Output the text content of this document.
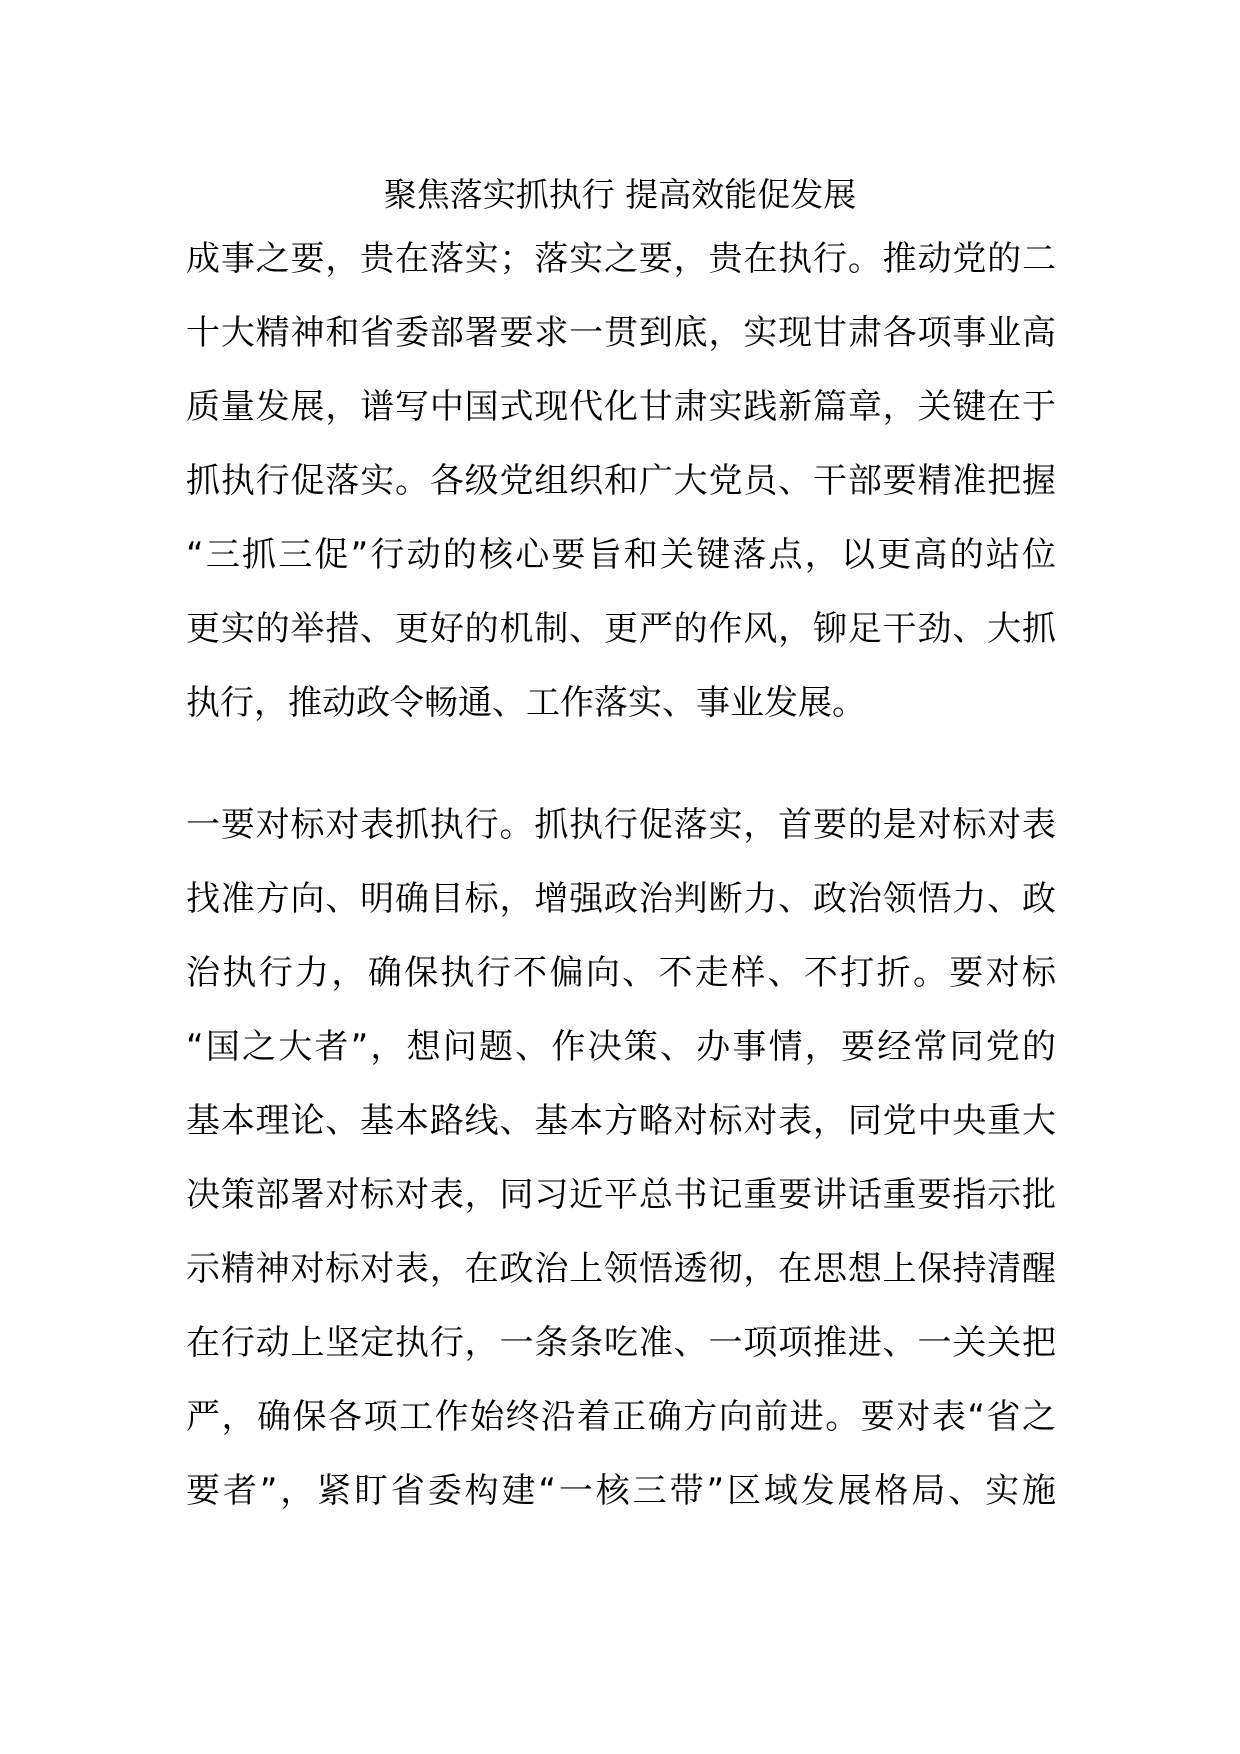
聚焦落实抓执行 提高效能促发展
成事之要，贵在落实；落实之要，贵在执行。推动党的二
十大精神和省委部署要求一贯到底，实现甘肃各项事业高
质量发展，谱写中国式现代化甘肃实践新篇章，关键在于
抓执行促落实。各级党组织和广大党员、干部要精准把握
“三抓三促”行动的核心要旨和关键落点，以更高的站位
更实的举措、更好的机制、更严的作风，铆足干劲、大抓
执行，推动政令畅通、工作落实、事业发展。
一要对标对表抓执行。抓执行促落实，首要的是对标对表
找准方向、明确目标，增强政治判断力、政治领悟力、政
治执行力，确保执行不偏向、不走样、不打折。要对标
“国之大者”，想问题、作决策、办事情，要经常同党的
基本理论、基本路线、基本方略对标对表，同党中央重大
决策部署对标对表，同习近平总书记重要讲话重要指示批
示精神对标对表，在政治上领悟透彻，在思想上保持清醒
在行动上坚定执行，一条条吃准、一项项推进、一关关把
严，确保各项工作始终沿着正确方向前进。要对表“省之
要者”，紧盯省委构建“一核三带”区域发展格局、实施
